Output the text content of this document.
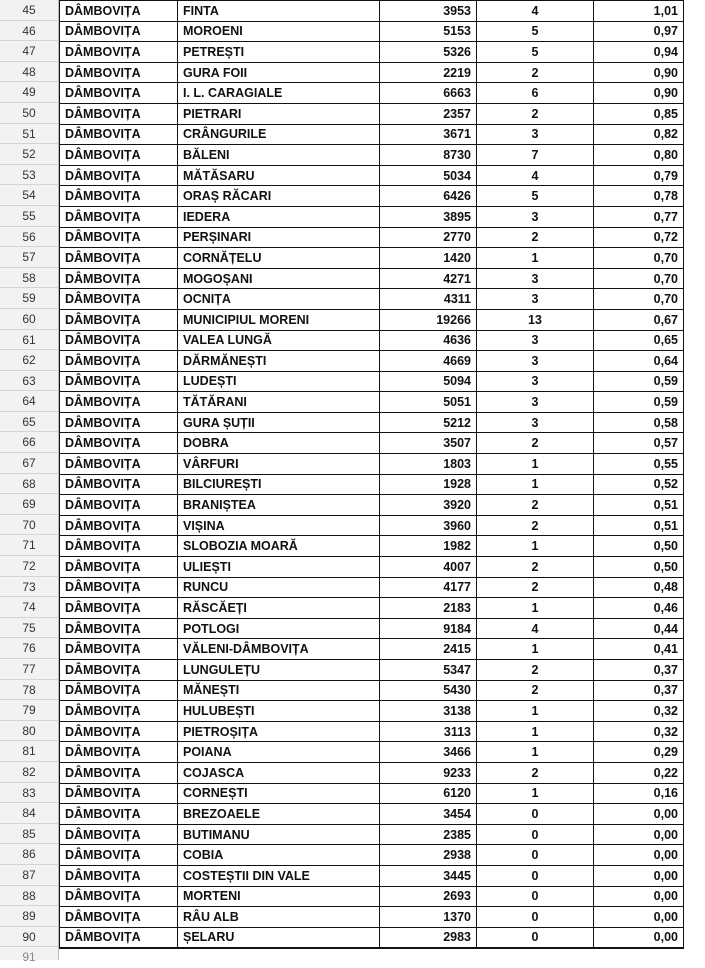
45
46
47
48
49
50
51
52
53
54
55
56
57
58
59
60
61
62
63
64
65
66
67
68
69
70
71
72
73
74
75
76
77
78
79
80
81
82
83
84
85
86
87
88
89
90
91
DÂMBOVIȚA	FINTA	3953	4	1,01
DÂMBOVIȚA	MOROENI	5153	5	0,97
DÂMBOVIȚA	PETREȘTI	5326	5	0,94
DÂMBOVIȚA	GURA FOII	2219	2	0,90
DÂMBOVIȚA	I. L. CARAGIALE	6663	6	0,90
DÂMBOVIȚA	PIETRARI	2357	2	0,85
DÂMBOVIȚA	CRÂNGURILE	3671	3	0,82
DÂMBOVIȚA	BĂLENI	8730	7	0,80
DÂMBOVIȚA	MĂTĂSARU	5034	4	0,79
DÂMBOVIȚA	ORAȘ RĂCARI	6426	5	0,78
DÂMBOVIȚA	IEDERA	3895	3	0,77
DÂMBOVIȚA	PERȘINARI	2770	2	0,72
DÂMBOVIȚA	CORNĂȚELU	1420	1	0,70
DÂMBOVIȚA	MOGOȘANI	4271	3	0,70
DÂMBOVIȚA	OCNIȚA	4311	3	0,70
DÂMBOVIȚA	MUNICIPIUL MORENI	19266	13	0,67
DÂMBOVIȚA	VALEA LUNGĂ	4636	3	0,65
DÂMBOVIȚA	DĂRMĂNEȘTI	4669	3	0,64
DÂMBOVIȚA	LUDEȘTI	5094	3	0,59
DÂMBOVIȚA	TĂTĂRANI	5051	3	0,59
DÂMBOVIȚA	GURA ȘUȚII	5212	3	0,58
DÂMBOVIȚA	DOBRA	3507	2	0,57
DÂMBOVIȚA	VÂRFURI	1803	1	0,55
DÂMBOVIȚA	BILCIUREȘTI	1928	1	0,52
DÂMBOVIȚA	BRANIȘTEA	3920	2	0,51
DÂMBOVIȚA	VIȘINA	3960	2	0,51
DÂMBOVIȚA	SLOBOZIA MOARĂ	1982	1	0,50
DÂMBOVIȚA	ULIEȘTI	4007	2	0,50
DÂMBOVIȚA	RUNCU	4177	2	0,48
DÂMBOVIȚA	RĂSCĂEȚI	2183	1	0,46
DÂMBOVIȚA	POTLOGI	9184	4	0,44
DÂMBOVIȚA	VĂLENI-DÂMBOVIȚA	2415	1	0,41
DÂMBOVIȚA	LUNGULEȚU	5347	2	0,37
DÂMBOVIȚA	MĂNEȘTI	5430	2	0,37
DÂMBOVIȚA	HULUBEȘTI	3138	1	0,32
DÂMBOVIȚA	PIETROȘIȚA	3113	1	0,32
DÂMBOVIȚA	POIANA	3466	1	0,29
DÂMBOVIȚA	COJASCA	9233	2	0,22
DÂMBOVIȚA	CORNEȘTI	6120	1	0,16
DÂMBOVIȚA	BREZOAELE	3454	0	0,00
DÂMBOVIȚA	BUTIMANU	2385	0	0,00
DÂMBOVIȚA	COBIA	2938	0	0,00
DÂMBOVIȚA	COSTEȘTII DIN VALE	3445	0	0,00
DÂMBOVIȚA	MORTENI	2693	0	0,00
DÂMBOVIȚA	RÂU ALB	1370	0	0,00
DÂMBOVIȚA	ȘELARU	2983	0	0,00
